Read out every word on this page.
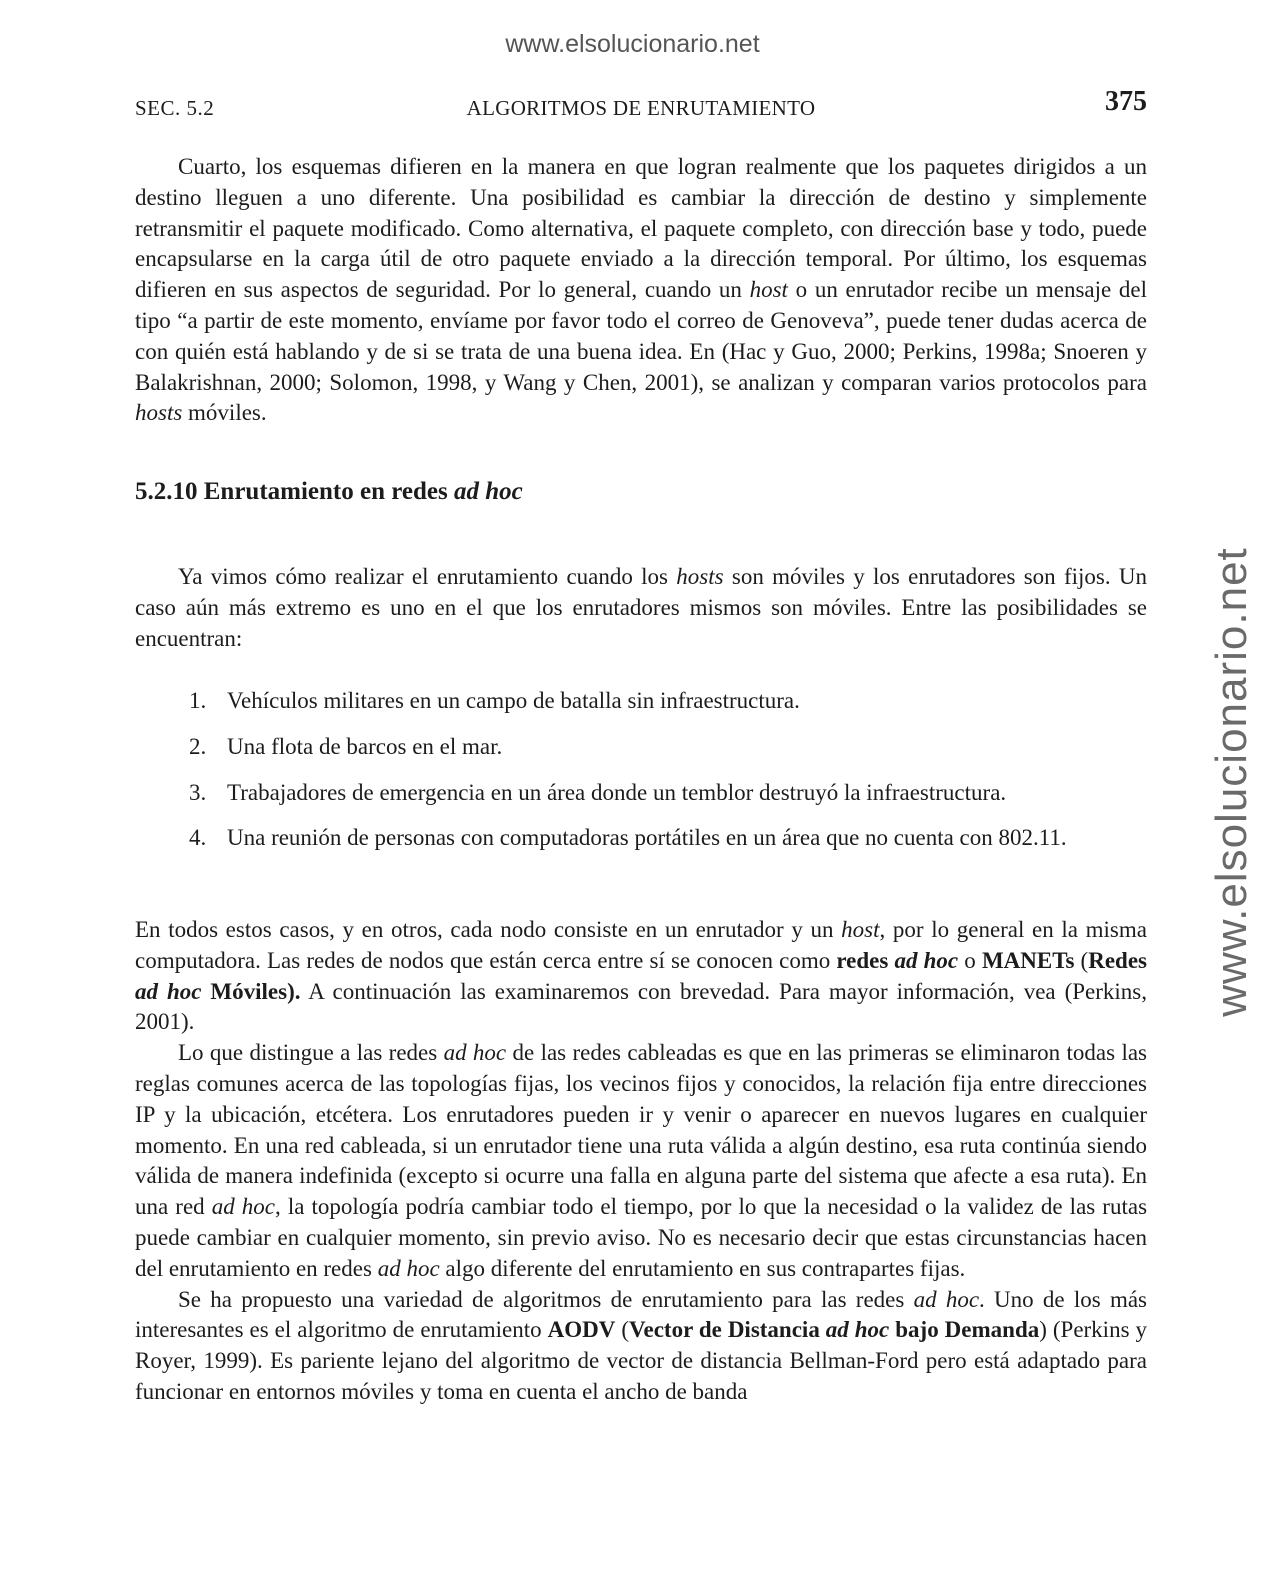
www.elsolucionario.net
www.elsolucionario.net
SEC. 5.2	ALGORITMOS DE ENRUTAMIENTO	375

Cuarto, los esquemas difieren en la manera en que logran realmente que los paquetes dirigidos a un destino lleguen a uno diferente. Una posibilidad es cambiar la dirección de destino y simplemente retransmitir el paquete modificado. Como alternativa, el paquete completo, con dirección base y todo, puede encapsularse en la carga útil de otro paquete enviado a la dirección temporal. Por último, los esquemas difieren en sus aspectos de seguridad. Por lo general, cuando un host o un enrutador recibe un mensaje del tipo “a partir de este momento, envíame por favor todo el correo de Genoveva”, puede tener dudas acerca de con quién está hablando y de si se trata de una buena idea. En (Hac y Guo, 2000; Perkins, 1998a; Snoeren y Balakrishnan, 2000; Solomon, 1998, y Wang y Chen, 2001), se analizan y comparan varios protocolos para hosts móviles.

5.2.10 Enrutamiento en redes ad hoc

Ya vimos cómo realizar el enrutamiento cuando los hosts son móviles y los enrutadores son fijos. Un caso aún más extremo es uno en el que los enrutadores mismos son móviles. Entre las posibilidades se encuentran:

1. Vehículos militares en un campo de batalla sin infraestructura.
2. Una flota de barcos en el mar.
3. Trabajadores de emergencia en un área donde un temblor destruyó la infraestructura.
4. Una reunión de personas con computadoras portátiles en un área que no cuenta con 802.11.

En todos estos casos, y en otros, cada nodo consiste en un enrutador y un host, por lo general en la misma computadora. Las redes de nodos que están cerca entre sí se conocen como redes ad hoc o MANETs (Redes ad hoc Móviles). A continuación las examinaremos con brevedad. Para mayor información, vea (Perkins, 2001).

Lo que distingue a las redes ad hoc de las redes cableadas es que en las primeras se eliminaron todas las reglas comunes acerca de las topologías fijas, los vecinos fijos y conocidos, la relación fija entre direcciones IP y la ubicación, etcétera. Los enrutadores pueden ir y venir o aparecer en nuevos lugares en cualquier momento. En una red cableada, si un enrutador tiene una ruta válida a algún destino, esa ruta continúa siendo válida de manera indefinida (excepto si ocurre una falla en alguna parte del sistema que afecte a esa ruta). En una red ad hoc, la topología podría cambiar todo el tiempo, por lo que la necesidad o la validez de las rutas puede cambiar en cualquier momento, sin previo aviso. No es necesario decir que estas circunstancias hacen del enrutamiento en redes ad hoc algo diferente del enrutamiento en sus contrapartes fijas.

Se ha propuesto una variedad de algoritmos de enrutamiento para las redes ad hoc. Uno de los más interesantes es el algoritmo de enrutamiento AODV (Vector de Distancia ad hoc bajo Demanda) (Perkins y Royer, 1999). Es pariente lejano del algoritmo de vector de distancia Bellman-Ford pero está adaptado para funcionar en entornos móviles y toma en cuenta el ancho de banda
